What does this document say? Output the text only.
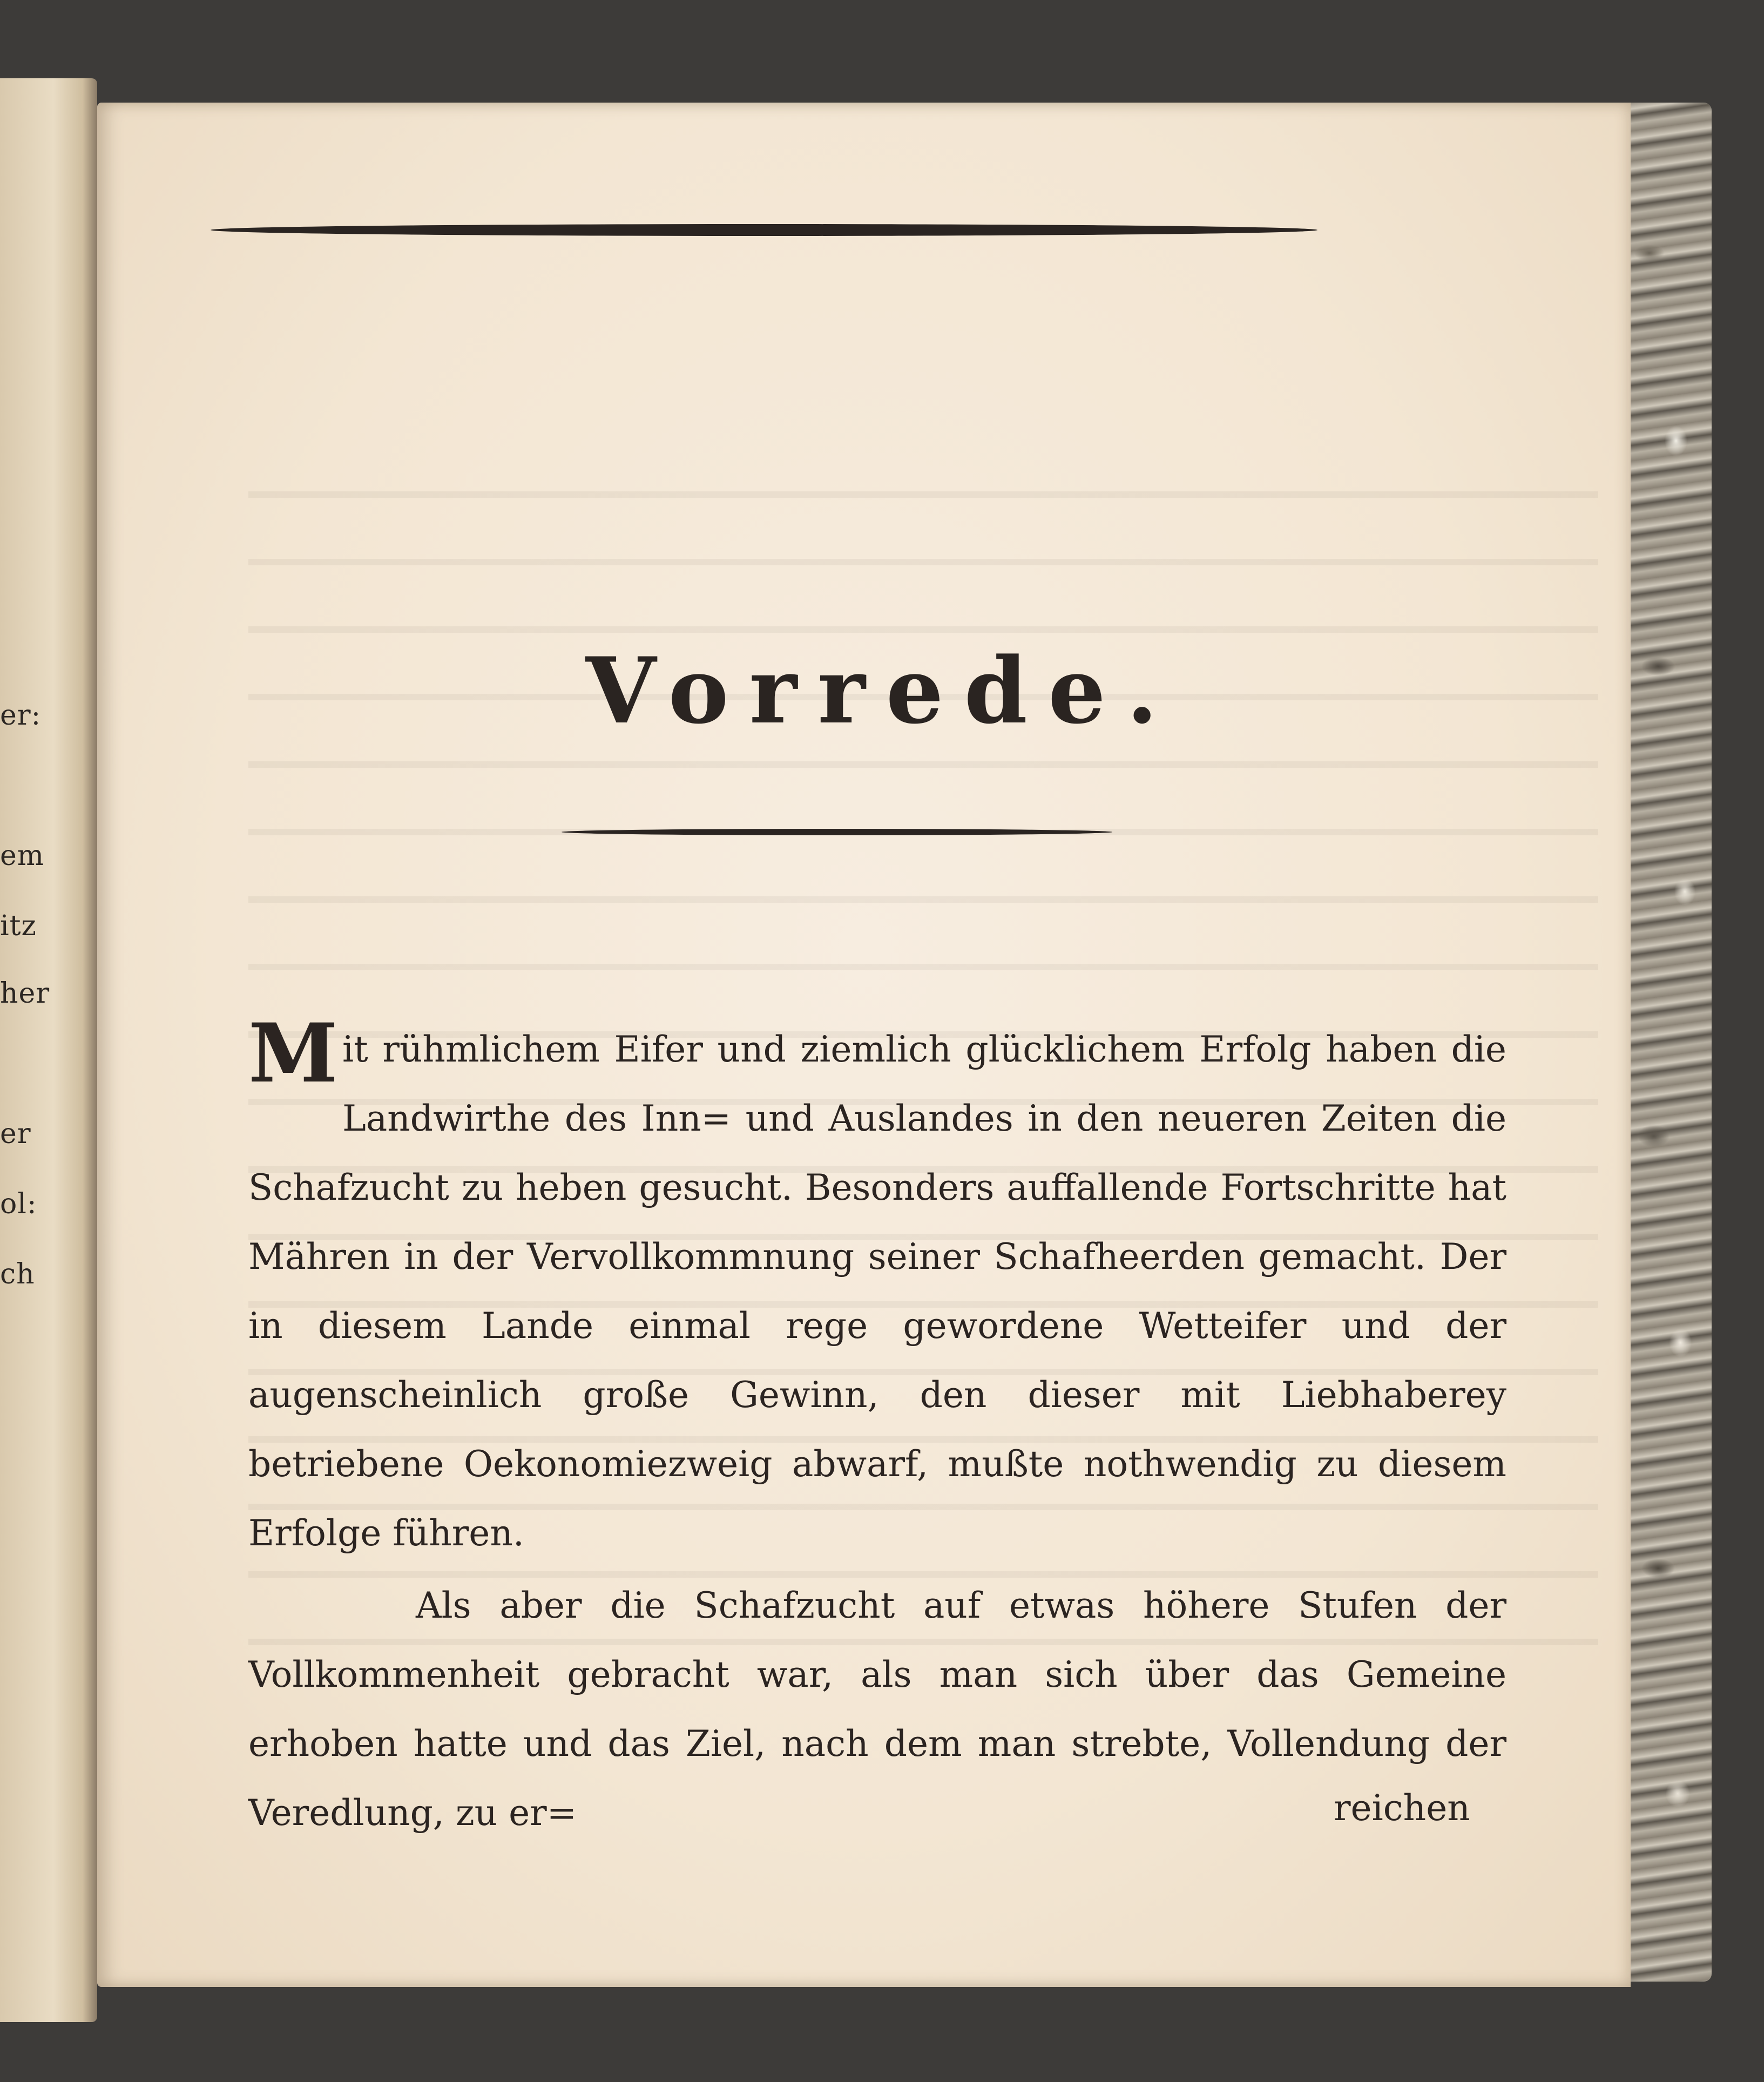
er:
em
itz
her
er
ol:
ch
Vorrede.

Mit rühmlichem Eifer und ziemlich glücklichem Erfolg haben die Landwirthe des Inn= und Auslandes in den neueren Zeiten die Schafzucht zu heben gesucht. Besonders auffallende Fortschritte hat Mähren in der Vervollkommnung seiner Schafheerden gemacht. Der in diesem Lande einmal rege gewordene Wetteifer und der augenscheinlich große Gewinn, den dieser mit Liebhaberey betriebene Oekonomiezweig abwarf, mußte nothwendig zu diesem Erfolge führen.

Als aber die Schafzucht auf etwas höhere Stufen der Vollkommenheit gebracht war, als man sich über das Gemeine erhoben hatte und das Ziel, nach dem man strebte, Vollendung der Veredlung, zu er=	reichen
